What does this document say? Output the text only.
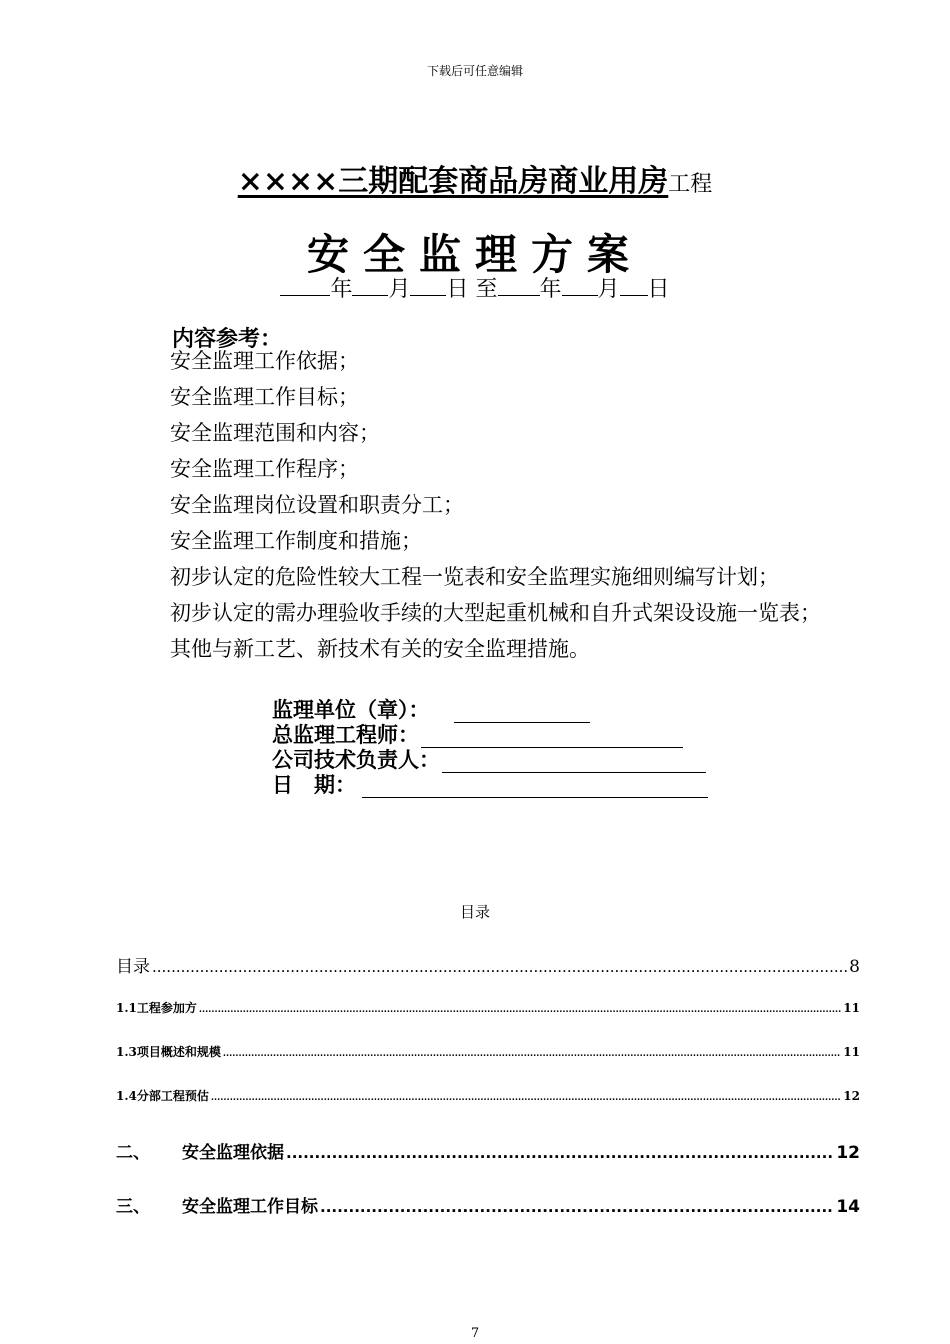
下载后可任意编辑
××××三期配套商品房商业用房工程
安全监理方案
年 月 日 至 年 月 日
内容参考：
安全监理工作依据；
安全监理工作目标；
安全监理范围和内容；
安全监理工作程序；
安全监理岗位设置和职责分工；
安全监理工作制度和措施；
初步认定的危险性较大工程一览表和安全监理实施细则编写计划；
初步认定的需办理验收手续的大型起重机械和自升式架设设施一览表；
其他与新工艺、新技术有关的安全监理措施。
监理单位（章）：
总监理工程师：
公司技术负责人：
日　期：
目录
目录 .....	8
1.1工程参加方 .....	11
1.3项目概述和规模 .....	11
1.4分部工程预估 .....	12
二、	安全监理依据 .....	12
三、	安全监理工作目标 .....	14
7
